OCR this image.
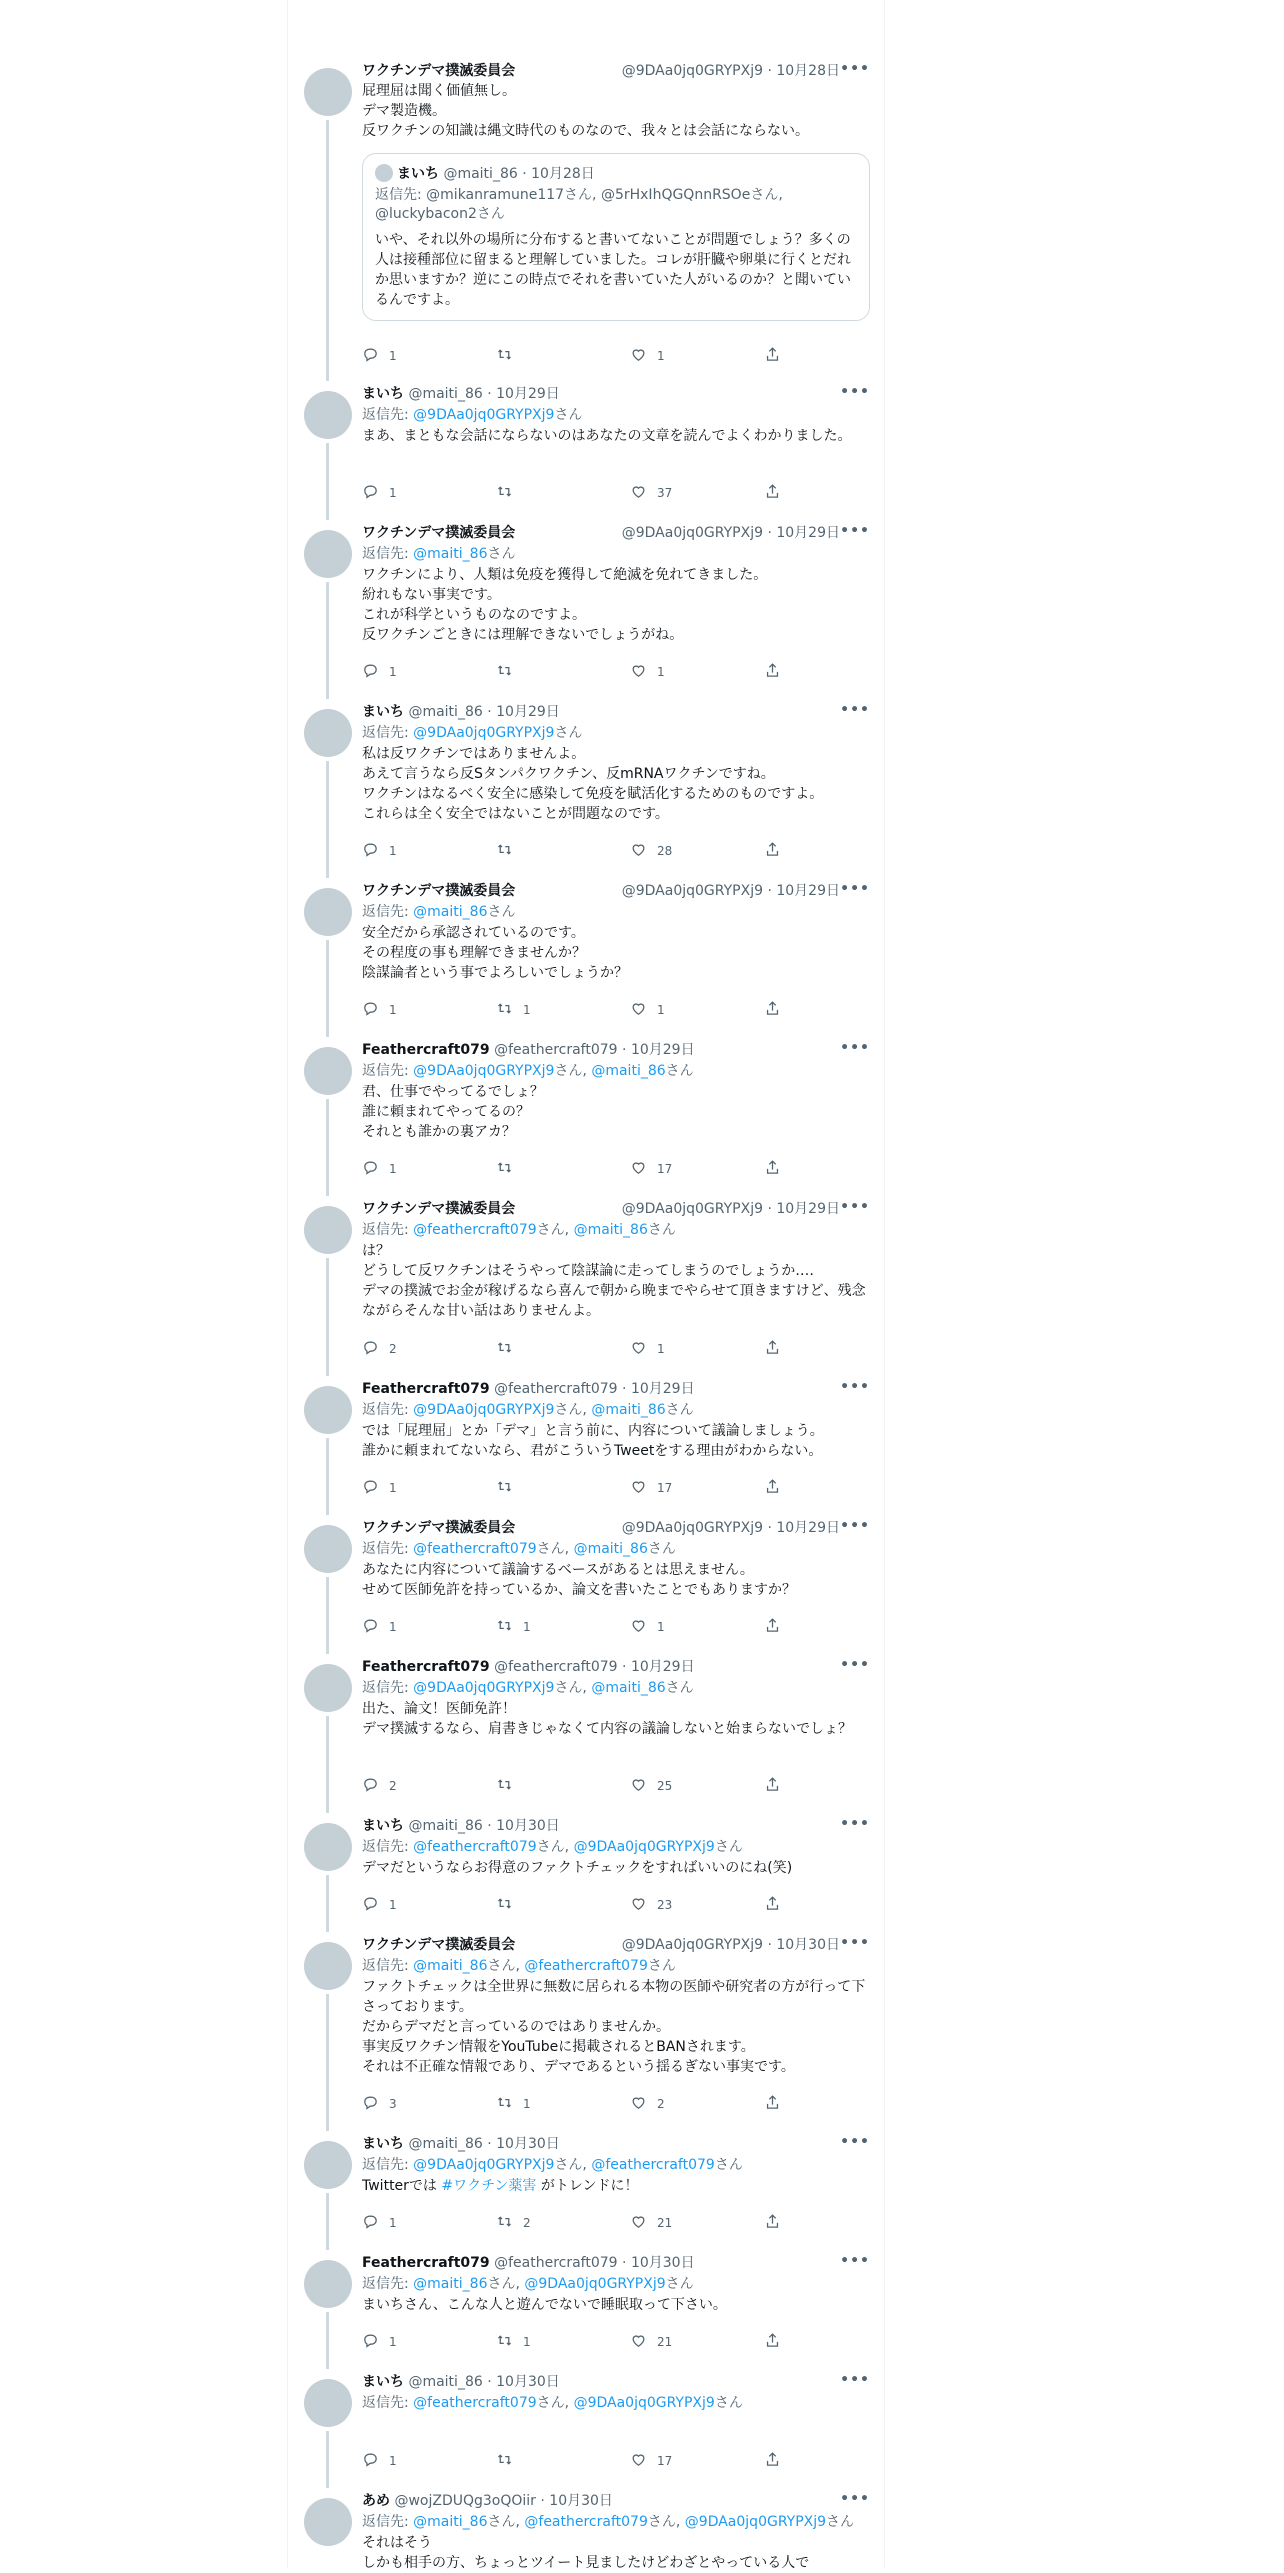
ワクチンデマ撲滅委員会	@9DAa0jq0GRYPXj9 · 10月28日 •••
屁理屈は聞く価値無し。
デマ製造機。
反ワクチンの知識は縄文時代のものなので、我々とは会話にならない。
まいち @maiti_86 · 10月28日
返信先: @mikanramune117さん, @5rHxIhQGQnnRSOeさん, @luckybacon2さん
いや、それ以外の場所に分布すると書いてないことが問題でしょう？多くの人は接種部位に留まると理解していました。コレが肝臓や卵巣に行くとだれか思いますか？逆にこの時点でそれを書いていた人がいるのか？と聞いているんですよ。
1	1
まいち @maiti_86 · 10月29日	•••
返信先: @9DAa0jq0GRYPXj9さん
まあ、まともな会話にならないのはあなたの文章を読んでよくわかりました。
1	37
ワクチンデマ撲滅委員会	@9DAa0jq0GRYPXj9 · 10月29日 •••
返信先: @maiti_86さん
ワクチンにより、人類は免疫を獲得して絶滅を免れてきました。
紛れもない事実です。
これが科学というものなのですよ。
反ワクチンごときには理解できないでしょうがね。
1	1
まいち @maiti_86 · 10月29日	•••
返信先: @9DAa0jq0GRYPXj9さん
私は反ワクチンではありませんよ。
あえて言うなら反Sタンパクワクチン、反mRNAワクチンですね。
ワクチンはなるべく安全に感染して免疫を賦活化するためのものですよ。
これらは全く安全ではないことが問題なのです。
1	28
ワクチンデマ撲滅委員会	@9DAa0jq0GRYPXj9 · 10月29日 •••
返信先: @maiti_86さん
安全だから承認されているのです。
その程度の事も理解できませんか？
陰謀論者という事でよろしいでしょうか？
1	1	1
Feathercraft079 @feathercraft079 · 10月29日	•••
返信先: @9DAa0jq0GRYPXj9さん, @maiti_86さん
君、仕事でやってるでしょ？
誰に頼まれてやってるの？
それとも誰かの裏アカ？
1	17
ワクチンデマ撲滅委員会	@9DAa0jq0GRYPXj9 · 10月29日 •••
返信先: @feathercraft079さん, @maiti_86さん
は？
どうして反ワクチンはそうやって陰謀論に走ってしまうのでしょうか‥‥
デマの撲滅でお金が稼げるなら喜んで朝から晩までやらせて頂きますけど、残念ながらそんな甘い話はありませんよ。
2	1
Feathercraft079 @feathercraft079 · 10月29日	•••
返信先: @9DAa0jq0GRYPXj9さん, @maiti_86さん
では「屁理屈」とか「デマ」と言う前に、内容について議論しましょう。
誰かに頼まれてないなら、君がこういうTweetをする理由がわからない。
1	17
ワクチンデマ撲滅委員会	@9DAa0jq0GRYPXj9 · 10月29日 •••
返信先: @feathercraft079さん, @maiti_86さん
あなたに内容について議論するベースがあるとは思えません。
せめて医師免許を持っているか、論文を書いたことでもありますか？
1	1	1
Feathercraft079 @feathercraft079 · 10月29日	•••
返信先: @9DAa0jq0GRYPXj9さん, @maiti_86さん
出た、論文！医師免許！
デマ撲滅するなら、肩書きじゃなくて内容の議論しないと始まらないでしょ？
2	25
まいち @maiti_86 · 10月30日	•••
返信先: @feathercraft079さん, @9DAa0jq0GRYPXj9さん
デマだというならお得意のファクトチェックをすればいいのにね(笑)
1	23
ワクチンデマ撲滅委員会	@9DAa0jq0GRYPXj9 · 10月30日 •••
返信先: @maiti_86さん, @feathercraft079さん
ファクトチェックは全世界に無数に居られる本物の医師や研究者の方が行って下さっております。
だからデマだと言っているのではありませんか。
事実反ワクチン情報をYouTubeに掲載されるとBANされます。
それは不正確な情報であり、デマであるという揺るぎない事実です。
3	1	2
まいち @maiti_86 · 10月30日	•••
返信先: @9DAa0jq0GRYPXj9さん, @feathercraft079さん
Twitterでは #ワクチン薬害 がトレンドに！
1	2	21
Feathercraft079 @feathercraft079 · 10月30日	•••
返信先: @maiti_86さん, @9DAa0jq0GRYPXj9さん
まいちさん、こんな人と遊んでないで睡眠取って下さい。
1	1	21
まいち @maiti_86 · 10月30日	•••
返信先: @feathercraft079さん, @9DAa0jq0GRYPXj9さん
1	17
あめ @wojZDUQg3oQOiir · 10月30日	•••
返信先: @maiti_86さん, @feathercraft079さん, @9DAa0jq0GRYPXj9さん
それはそう
しかも相手の方、ちょっとツイート見ましたけどわざとやっている人で
